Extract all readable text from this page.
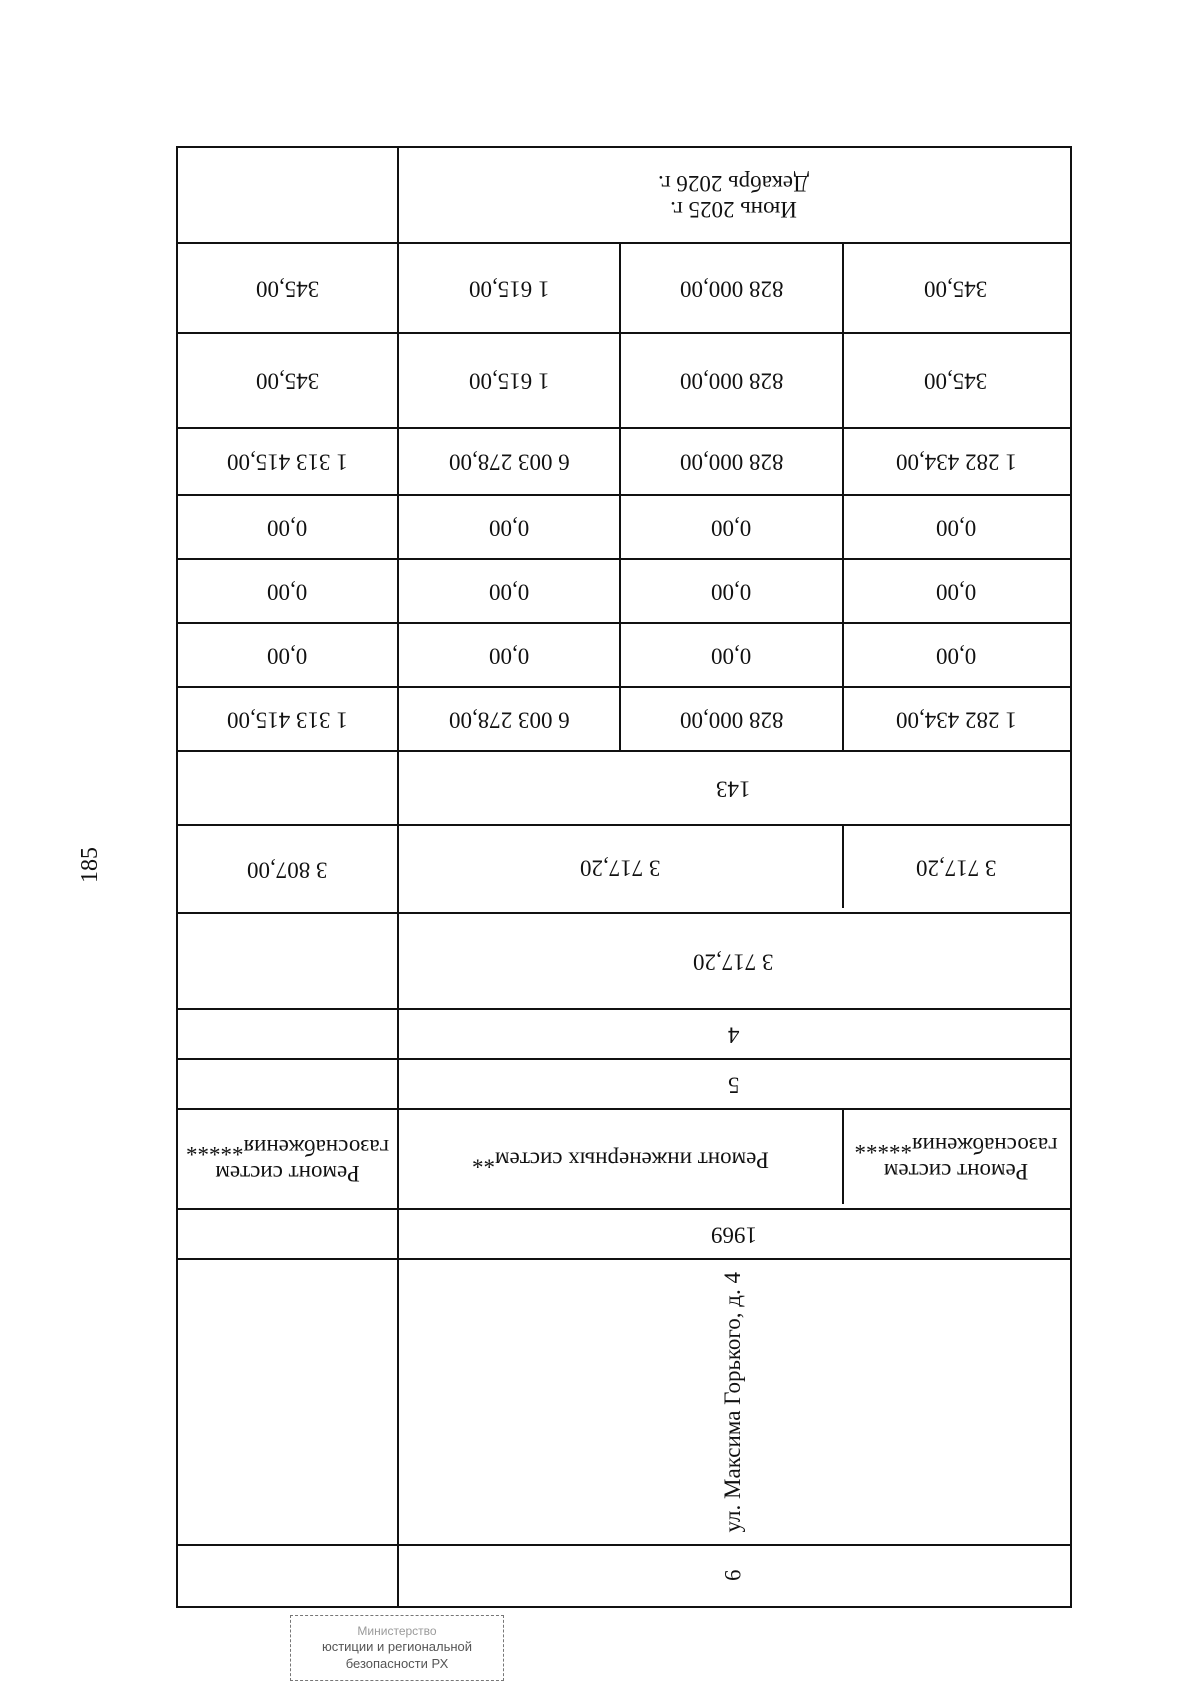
185
Июнь 2025 г.
Декабрь 2026 г.
345,00	1 615,00	828 000,00	345,00
345,00	1 615,00	828 000,00	345,00
1 313 415,00	6 003 278,00	828 000,00	1 282 434,00
0,00	0,00	0,00	0,00
0,00	0,00	0,00	0,00
0,00	0,00	0,00	0,00
1 313 415,00	6 003 278,00	828 000,00	1 282 434,00
143
3 807,00	3 717,20	3 717,20
3 717,20
4
5
Ремонт систем газоснабжения*****
Ремонт инженерных систем**	Ремонт систем газоснабжения*****
1969
ул. Максима Горького, д. 4
6
Министерство
юстиции и региональной
безопасности РХ
